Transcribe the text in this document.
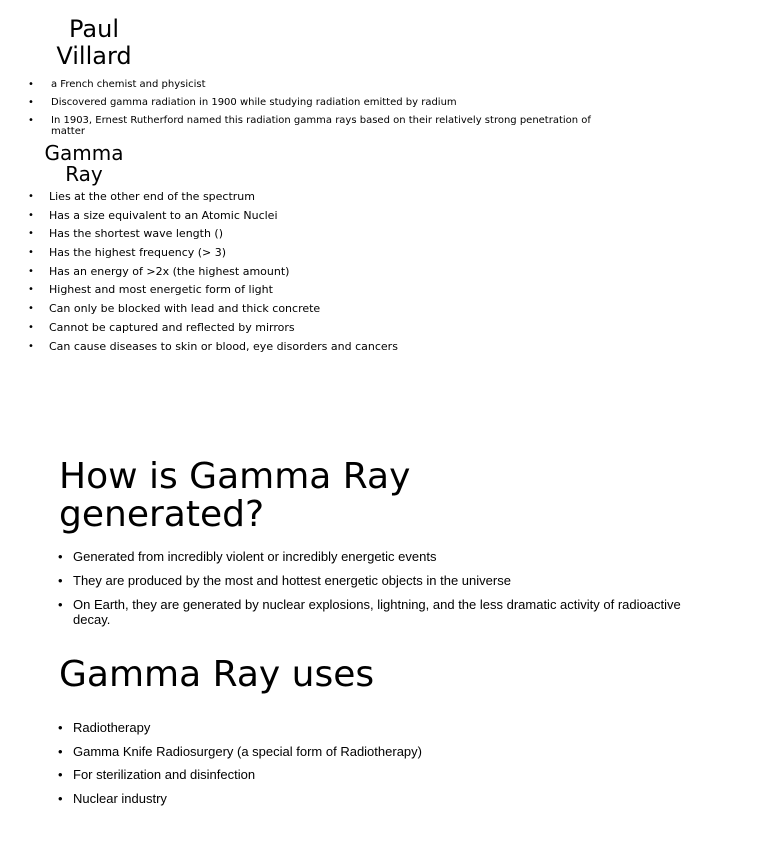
Paul Villard
• a French chemist and physicist
• Discovered gamma radiation in 1900 while studying radiation emitted by radium
• In 1903, Ernest Rutherford named this radiation gamma rays based on their relatively strong penetration of matter
Gamma Ray
• Lies at the other end of the spectrum
• Has a size equivalent to an Atomic Nuclei
• Has the shortest wave length ()
• Has the highest frequency (> 3)
• Has an energy of >2x (the highest amount)
• Highest and most energetic form of light
• Can only be blocked with lead and thick concrete
• Cannot be captured and reflected by mirrors
• Can cause diseases to skin or blood, eye disorders and cancers
How is Gamma Ray generated?
• Generated from incredibly violent or incredibly energetic events
• They are produced by the most and hottest energetic objects in the universe
• On Earth, they are generated by nuclear explosions, lightning, and the less dramatic activity of radioactive decay.
Gamma Ray uses
• Radiotherapy
• Gamma Knife Radiosurgery (a special form of Radiotherapy)
• For sterilization and disinfection
• Nuclear industry
